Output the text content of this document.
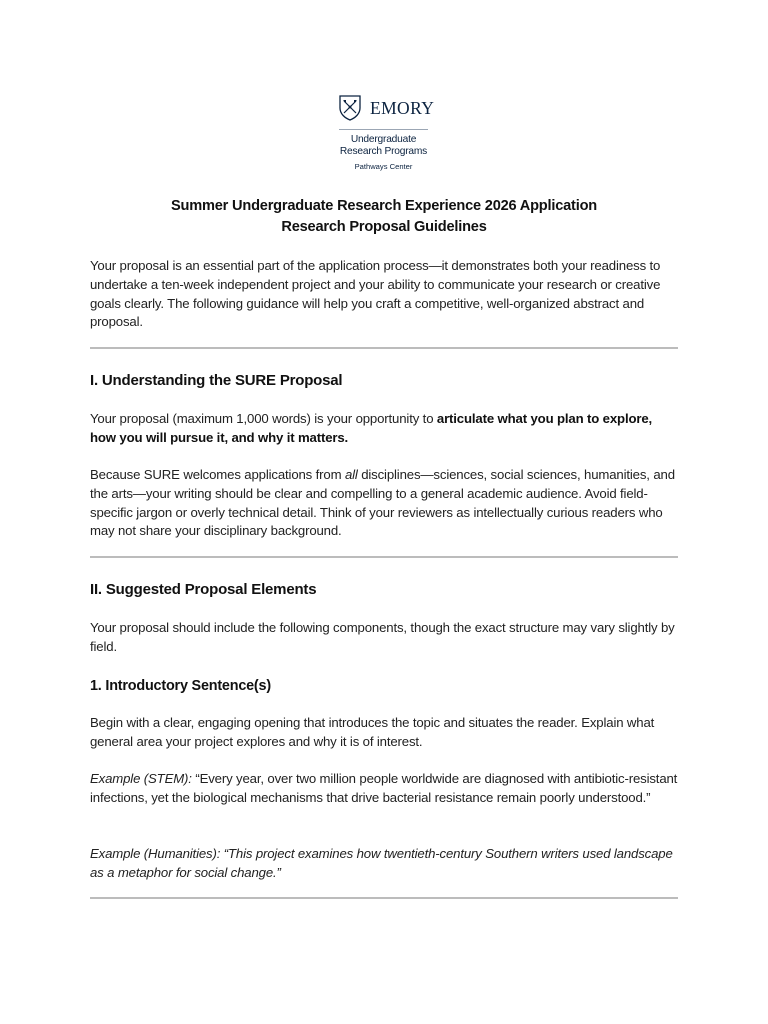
EMORY
Undergraduate
Research Programs
Pathways Center
Summer Undergraduate Research Experience 2026 Application
Research Proposal Guidelines

Your proposal is an essential part of the application process—it demonstrates both your readiness to undertake a ten-week independent project and your ability to communicate your research or creative goals clearly. The following guidance will help you craft a competitive, well-organized abstract and proposal.

I. Understanding the SURE Proposal

Your proposal (maximum 1,000 words) is your opportunity to articulate what you plan to explore, how you will pursue it, and why it matters.

Because SURE welcomes applications from all disciplines—sciences, social sciences, humanities, and the arts—your writing should be clear and compelling to a general academic audience. Avoid field-specific jargon or overly technical detail. Think of your reviewers as intellectually curious readers who may not share your disciplinary background.

II. Suggested Proposal Elements

Your proposal should include the following components, though the exact structure may vary slightly by field.

1. Introductory Sentence(s)

Begin with a clear, engaging opening that introduces the topic and situates the reader. Explain what general area your project explores and why it is of interest.

Example (STEM): “Every year, over two million people worldwide are diagnosed with antibiotic-resistant infections, yet the biological mechanisms that drive bacterial resistance remain poorly understood.”

Example (Humanities): “This project examines how twentieth-century Southern writers used landscape as a metaphor for social change.”
